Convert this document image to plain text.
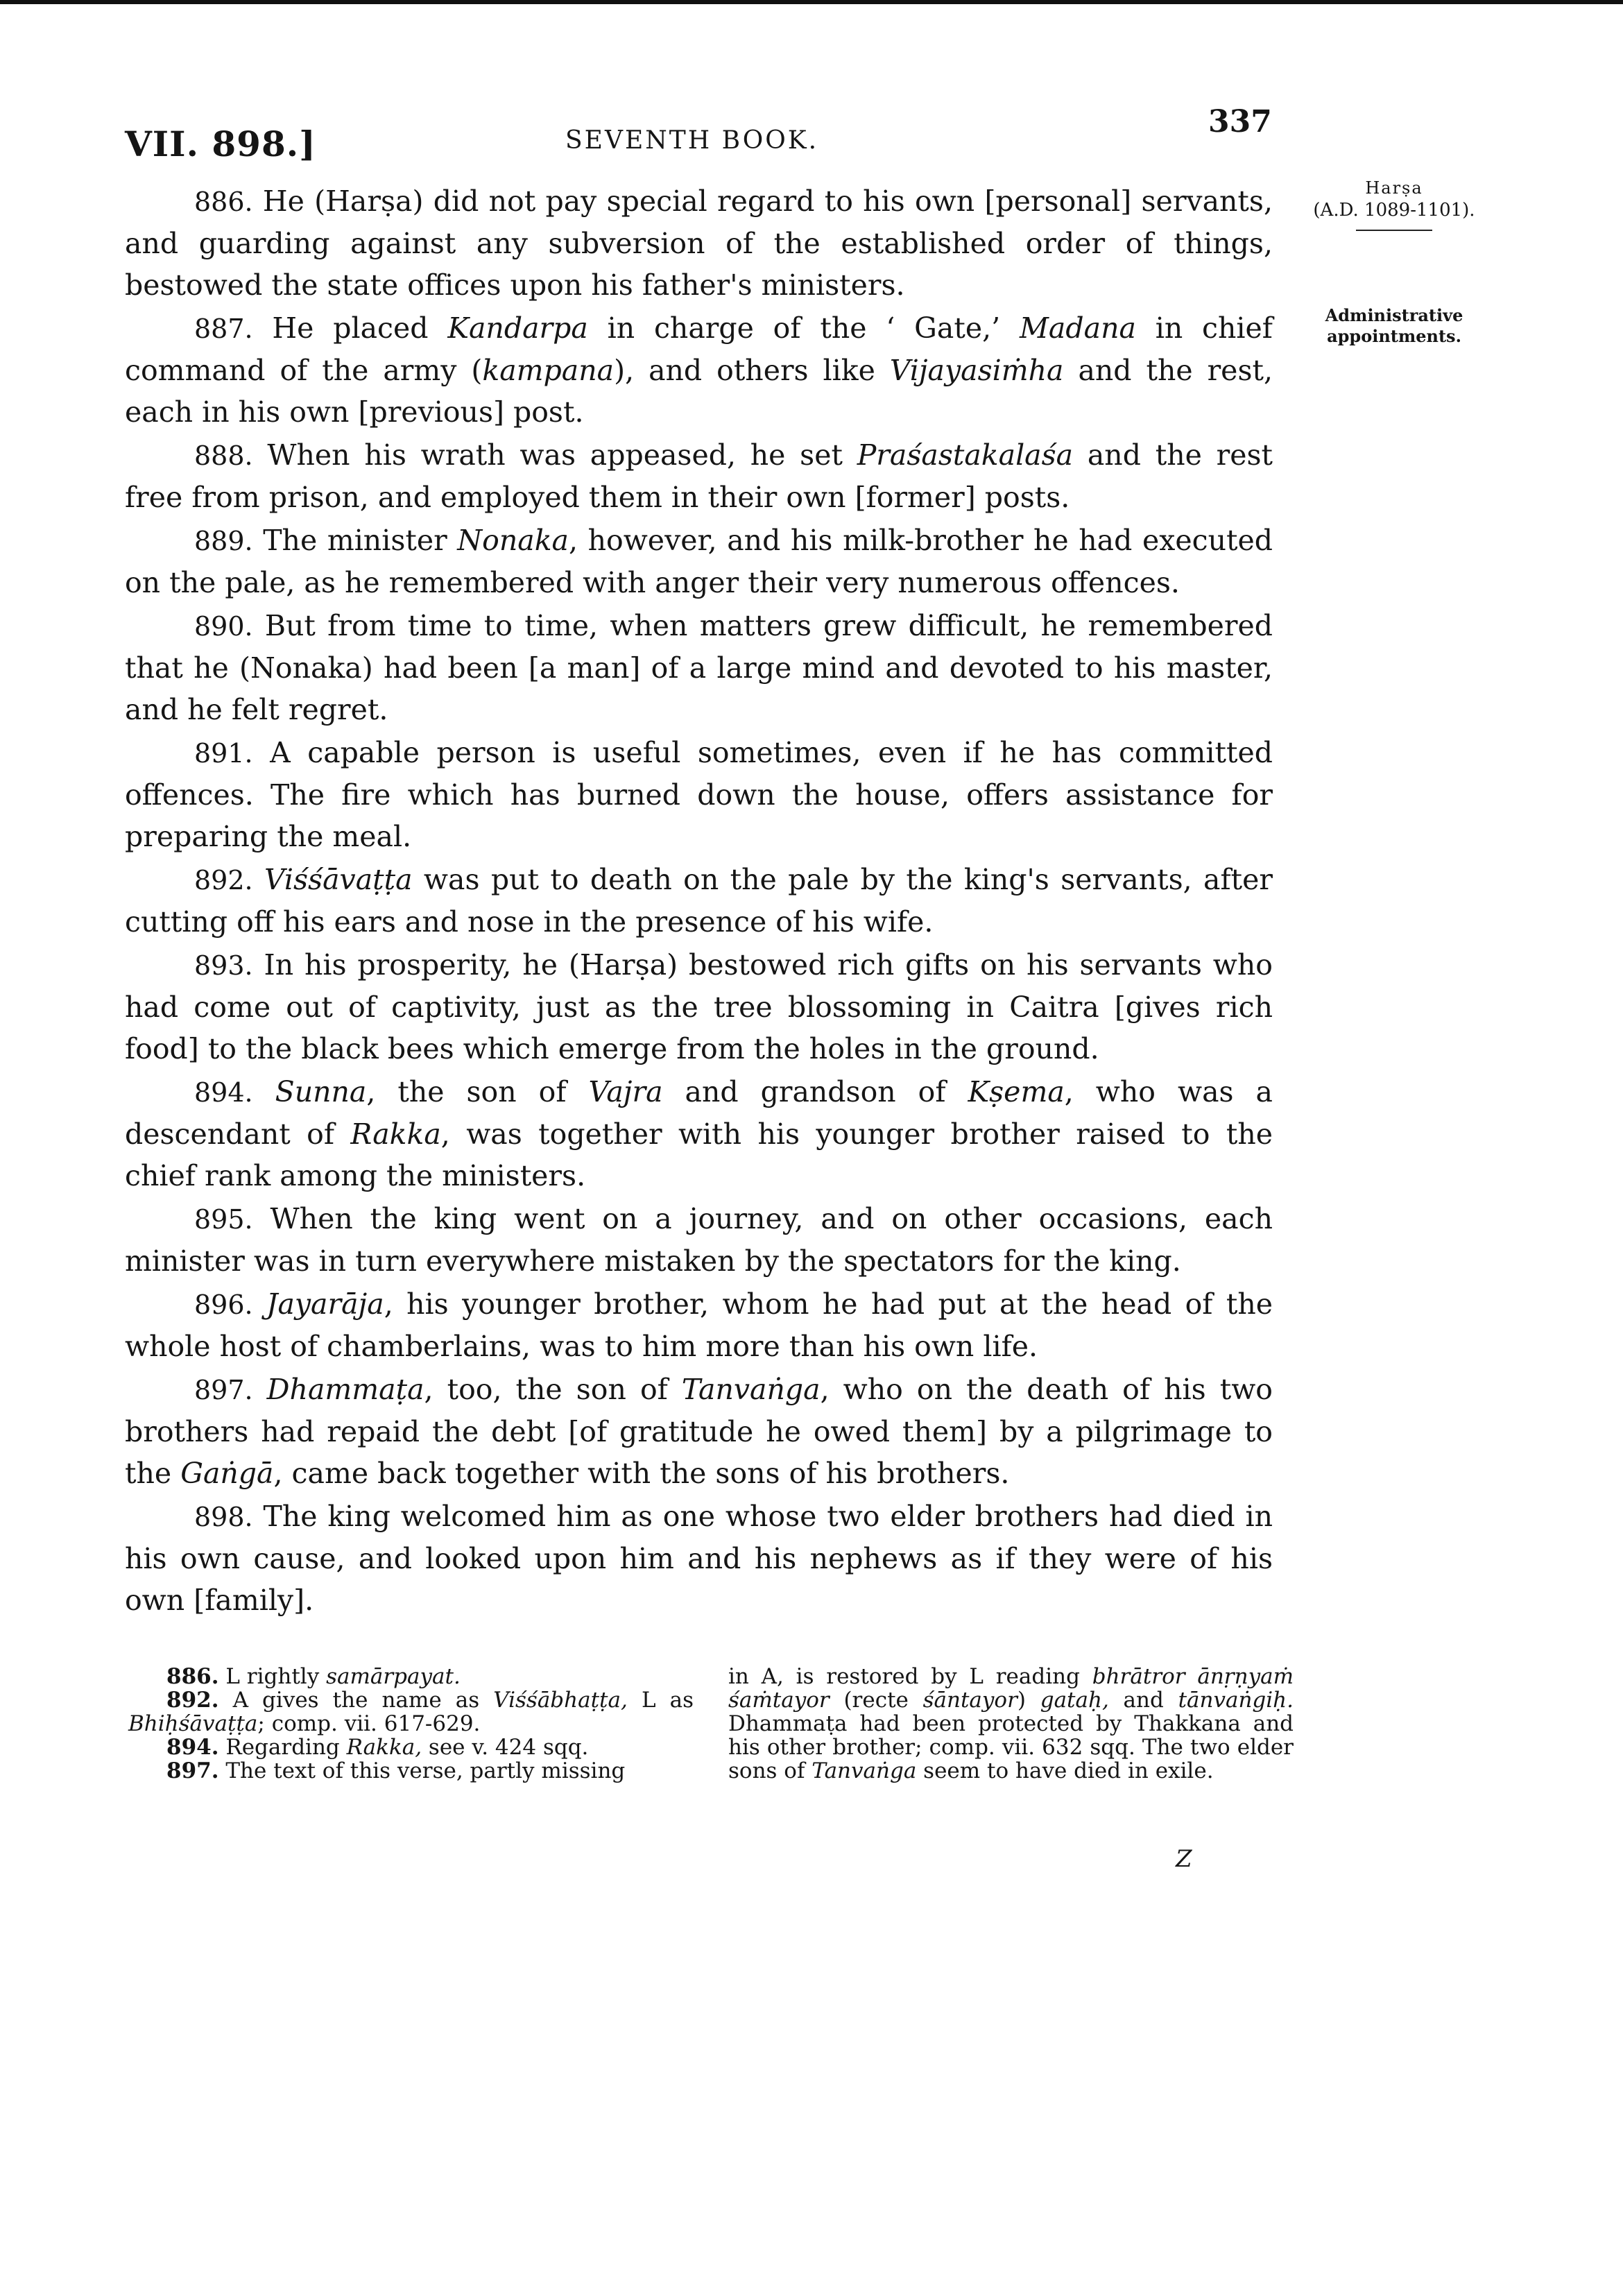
VII. 898.]	SEVENTH BOOK.
337
Harṣa
(A.D. 1089-1101).
Administrative
appointments.

886. He (Harṣa) did not pay special regard to his own [personal] servants, and guarding against any subversion of the established order of things, bestowed the state offices upon his father's ministers.

887. He placed Kandarpa in charge of the ‘ Gate,’ Madana in chief command of the army (kampana), and others like Vijayasiṁha and the rest, each in his own [previous] post.

888. When his wrath was appeased, he set Praśastakalaśa and the rest free from prison, and employed them in their own [former] posts.

889. The minister Nonaka, however, and his milk-brother he had executed on the pale, as he remembered with anger their very numerous offences.

890. But from time to time, when matters grew difficult, he remembered that he (Nonaka) had been [a man] of a large mind and devoted to his master, and he felt regret.

891. A capable person is useful sometimes, even if he has committed offences. The fire which has burned down the house, offers assistance for preparing the meal.

892. Viśśāvaṭṭa was put to death on the pale by the king's servants, after cutting off his ears and nose in the presence of his wife.

893. In his prosperity, he (Harṣa) bestowed rich gifts on his servants who had come out of captivity, just as the tree blossoming in Caitra [gives rich food] to the black bees which emerge from the holes in the ground.

894. Sunna, the son of Vajra and grandson of Kṣema, who was a descendant of Rakka, was together with his younger brother raised to the chief rank among the ministers.

895. When the king went on a journey, and on other occasions, each minister was in turn everywhere mistaken by the spectators for the king.

896. Jayarāja, his younger brother, whom he had put at the head of the whole host of chamberlains, was to him more than his own life.

897. Dhammaṭa, too, the son of Tanvaṅga, who on the death of his two brothers had repaid the debt [of gratitude he owed them] by a pilgrimage to the Gaṅgā, came back together with the sons of his brothers.

898. The king welcomed him as one whose two elder brothers had died in his own cause, and looked upon him and his nephews as if they were of his own [family].

886. L rightly samārpayat.

892. A gives the name as Viśśābhaṭṭa, L as Bhiḥśāvaṭṭa; comp. vii. 617-629.

894. Regarding Rakka, see v. 424 sqq.

897. The text of this verse, partly missing

in A, is restored by L reading bhrātror ānṛṇyaṁ śaṁtayor (recte śāntayor) gataḥ, and tānvaṅgiḥ. Dhammaṭa had been protected by Thakkana and his other brother; comp. vii. 632 sqq. The two elder sons of Tanvaṅga seem to have died in exile.

Z
